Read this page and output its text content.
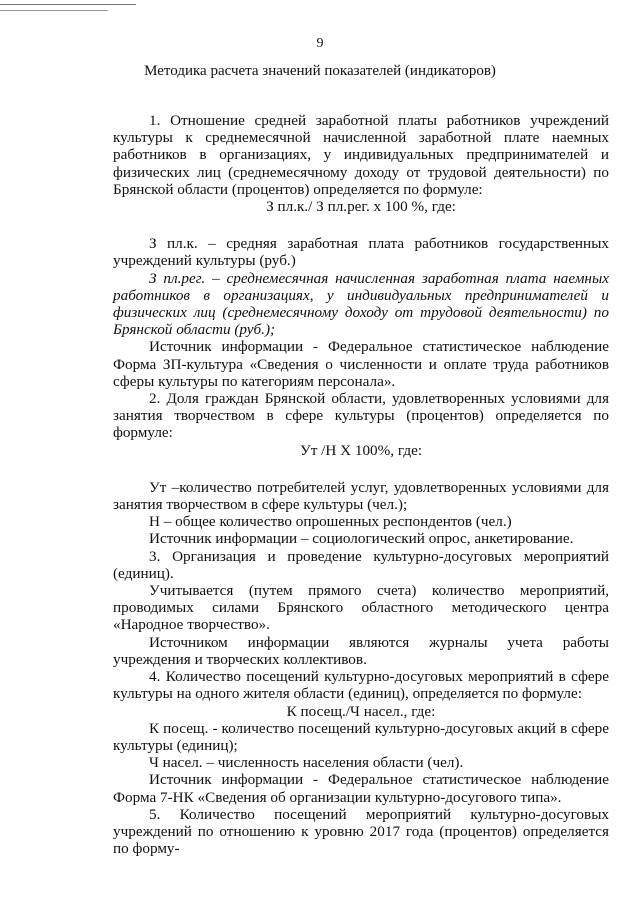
9
Методика расчета значений показателей (индикаторов)

1. Отношение средней заработной платы работников учреждений культуры к среднемесячной начисленной заработной плате наемных работников в организациях, у индивидуальных предпринимателей и физических лиц (среднемесячному доходу от трудовой деятельности) по Брянской области (процентов) определяется по формуле:

З пл.к./ З пл.рег. х 100 %, где:

З пл.к. – средняя заработная плата работников государственных учреждений культуры (руб.)

З пл.рег. – среднемесячная начисленная заработная плата наемных работников в организациях, у индивидуальных предпринимателей и физических лиц (среднемесячному доходу от трудовой деятельности) по Брянской области (руб.);

Источник информации - Федеральное статистическое наблюдение Форма ЗП-культура «Сведения о численности и оплате труда работников сферы культуры по категориям персонала».

2. Доля граждан Брянской области, удовлетворенных условиями для занятия творчеством в сфере культуры (процентов) определяется по формуле:

Ут /Н Х 100%, где:

Ут –количество потребителей услуг, удовлетворенных условиями для занятия творчеством в сфере культуры (чел.);

Н – общее количество опрошенных респондентов (чел.)

Источник информации – социологический опрос, анкетирование.

3. Организация и проведение культурно-досуговых мероприятий (единиц).

Учитывается (путем прямого счета) количество мероприятий, проводимых силами Брянского областного методического центра «Народное творчество».

Источником информации являются журналы учета работы учреждения и творческих коллективов.

4. Количество посещений культурно-досуговых мероприятий в сфере культуры на одного жителя области (единиц), определяется по формуле:

К посещ./Ч насел., где:

К посещ. - количество посещений культурно-досуговых акций в сфере культуры (единиц);

Ч насел. – численность населения области (чел).

Источник информации - Федеральное статистическое наблюдение Форма 7-НК «Сведения об организации культурно-досугового типа».

5. Количество посещений мероприятий культурно-досуговых учреждений по отношению к уровню 2017 года (процентов) определяется по форму-
